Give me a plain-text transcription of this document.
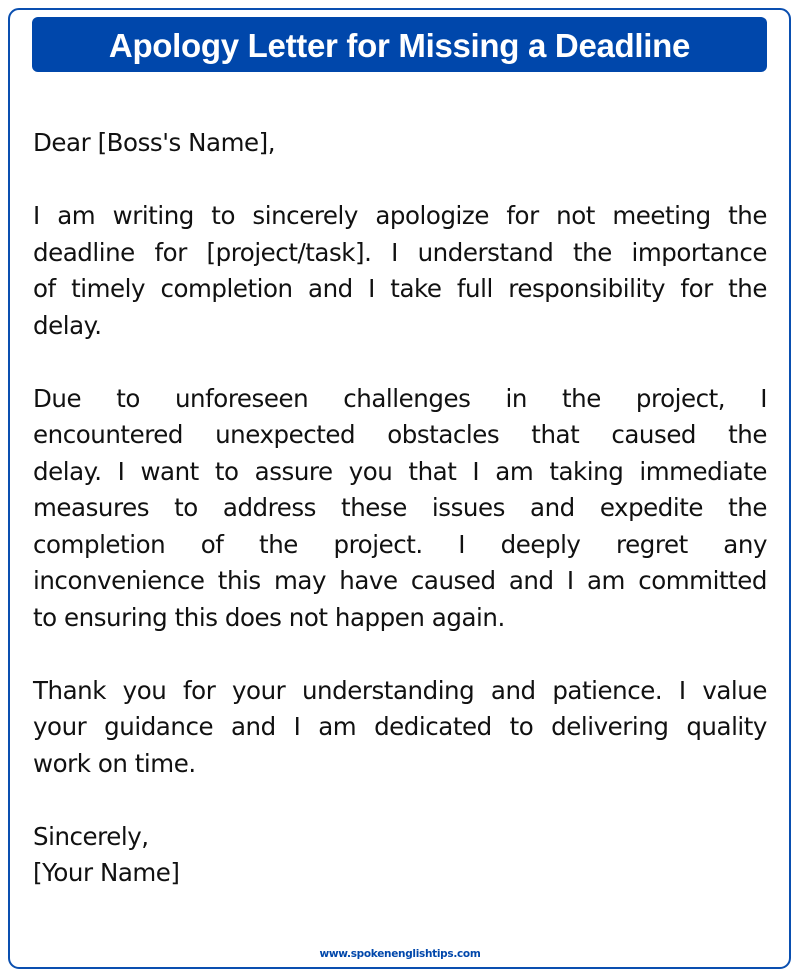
Apology Letter for Missing a Deadline
Dear [Boss's Name],
I am writing to sincerely apologize for not meeting the
deadline for [project/task]. I understand the importance
of timely completion and I take full responsibility for the
delay.
Due to unforeseen challenges in the project, I
encountered unexpected obstacles that caused the
delay. I want to assure you that I am taking immediate
measures to address these issues and expedite the
completion of the project. I deeply regret any
inconvenience this may have caused and I am committed
to ensuring this does not happen again.
Thank you for your understanding and patience. I value
your guidance and I am dedicated to delivering quality
work on time.
Sincerely,
[Your Name]
www.spokenenglishtips.com
